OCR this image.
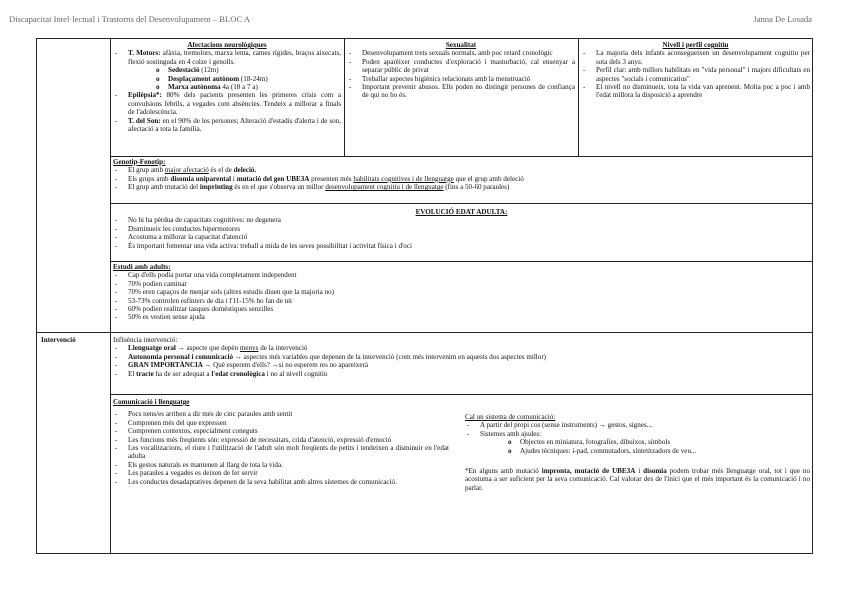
Discapacitat Intel·lectual i Trastorns del Desenvolupament – BLOC A	Janna De Losada
Intervenció
Afectacions neurològiques
- T. Motors: afàxia, tremolors, marxa lenta, cames rígides, braços aixecats, flexió sostinguda en 4 colze i genolls.
o Sedestació (12m)
o Desplaçament autònom (18-24m)
o Marxa autònoma 4a (18 a 7 a)
- Epilèpsia*: 80% dels pacients presenten les primeres crisis com a convulsions febrils, a vegades com absències. Tendeix a millorar a finals de l'adolescència.
- T. del Son: en el 90% de les persones; Alteració d'estadis d'alerta i de son, afectació a tota la família.
Sexualitat
- Desenvolupament trets sexuals normals, amb poc retard cronològic
- Poden aparèixer conductes d'exploració i masturbació, cal ensenyar a separar públic de privat
- Treballar aspectes higiènics relacionats amb la menstruació
- Important prevenir abusos. Ells poden no distingir persones de confiança de qui no ho és.
Nivell i perfil cognitiu
- La majoria dels infants aconsegueixen un desenvolupament cognitiu per sota dels 3 anys.
- Perfil clar: amb millors habilitats en "vida personal" i majors dificultats en aspectes "socials i comunicatius"
- El nivell no disminueix, tota la vida van aprenent. Molta poc a poc i amb l'edat millora la disposició a aprendre
Genotip-Fenotip:
- El grup amb major afectació és el de deleció.
- Els grups amb disomia uniparental i mutació del gen UBE3A presenten més habilitats cognitives i de llenguatge que el grup amb deleció
- El grup amb mutació del imprinting és en el que s'observa un millor desenvolupament cognitiu i de llenguatge (fins a 50-60 paraules)
EVOLUCIÓ EDAT ADULTA:
- No hi ha pèrdua de capacitats cognitives: no degenera
- Disminueix les conductes hipermotores
- Acostuma a millorar la capacitat d'atenció
- És important fomentar una vida activa: treball a mida de les seves possibilitat i activitat física i d'oci
Estudi amb adults:
- Cap d'ells podia portar una vida completament independent
- 70% podien caminar
- 70% eren capaços de menjar sols (altres estudis diuen que la majoria no)
- 53-73% controlen esfínters de dia i l'11-15% ho fan de nit
- 60% podien realitzar tasques domèstiques senzilles
- 50% es vestien sense ajuda
Influència intervenció:
- Llenguatge oral → aspecte que depèn menys de la intervenció
- Autonomia personal i comunicació → aspectes més variables que depenen de la intervenció (com més intervenim en aquests dos aspectes millor)
- GRAN IMPORTÀNCIA → Què esperem d'ells? →si no esperem res no apareixerà
- El tracte ha de ser adequat a l'edat cronològica i no al nivell cognitiu
Comunicació i llenguatge
- Pocs nens/es arriben a dir més de cinc paraules amb sentit
- Comprenen més del que expressen
- Comprenen contextos, especialment coneguts
- Les funcions més freqüents són: expressió de necessitats, crida d'atenció, expressió d'emoció
- Les vocalitzacions, el riure i l'utilització de l'adult són molt freqüents de petits i tendeixen a disminuir en l'edat adulta
- Els gestos naturals es mantenen al llarg de tota la vida.
- Les paraules a vegades es deixen de fer servir
- Les conductes desadaptatives depenen de la seva habilitat amb altres sistemes de comunicació.
Cal un sistema de comunicació:
- A partir del propi cos (sense instruments) → gestos, signes...
- Sistemes amb ajudes:
o Objectes en miniatura, fotografies, dibuixos, símbols
o Ajudes tècniques: i-pad, commutadors, sintetitzadors de veu...
*En alguns amb mutació impronta, mutació de UBE3A i disomia podem trobar més llenguatge oral, tot i que no acostuma a ser suficient per la seva comunicació. Cal valorar des de l'inici que el més important és la comunicació i no parlar.
